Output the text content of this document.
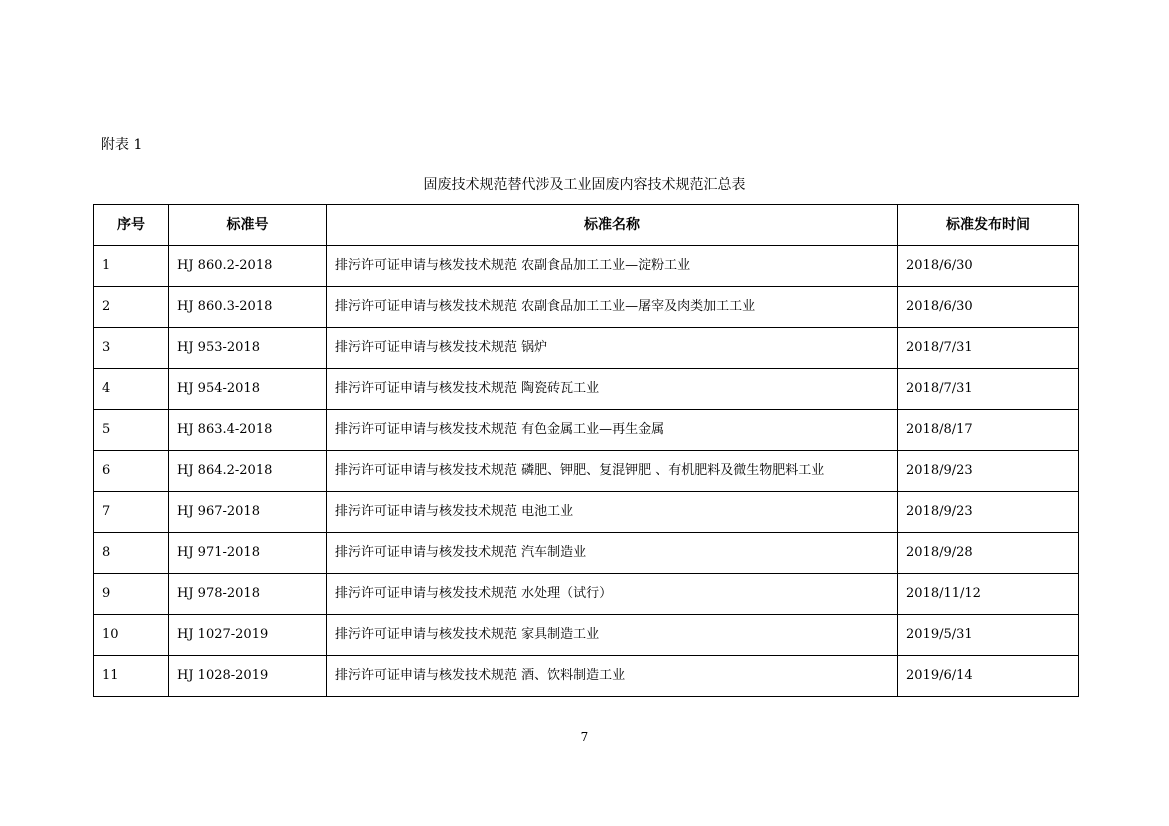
附表 1
固废技术规范替代涉及工业固废内容技术规范汇总表
序号	标准号	标准名称	标准发布时间
1	HJ 860.2-2018	排污许可证申请与核发技术规范 农副食品加工工业—淀粉工业	2018/6/30
2	HJ 860.3-2018	排污许可证申请与核发技术规范 农副食品加工工业—屠宰及肉类加工工业	2018/6/30
3	HJ 953-2018	排污许可证申请与核发技术规范 锅炉	2018/7/31
4	HJ 954-2018	排污许可证申请与核发技术规范 陶瓷砖瓦工业	2018/7/31
5	HJ 863.4-2018	排污许可证申请与核发技术规范 有色金属工业—再生金属	2018/8/17
6	HJ 864.2-2018	排污许可证申请与核发技术规范 磷肥、钾肥、复混钾肥 、有机肥料及微生物肥料工业	2018/9/23
7	HJ 967-2018	排污许可证申请与核发技术规范 电池工业	2018/9/23
8	HJ 971-2018	排污许可证申请与核发技术规范 汽车制造业	2018/9/28
9	HJ 978-2018	排污许可证申请与核发技术规范 水处理（试行）	2018/11/12
10	HJ 1027-2019	排污许可证申请与核发技术规范 家具制造工业	2019/5/31
11	HJ 1028-2019	排污许可证申请与核发技术规范 酒、饮料制造工业	2019/6/14
7
